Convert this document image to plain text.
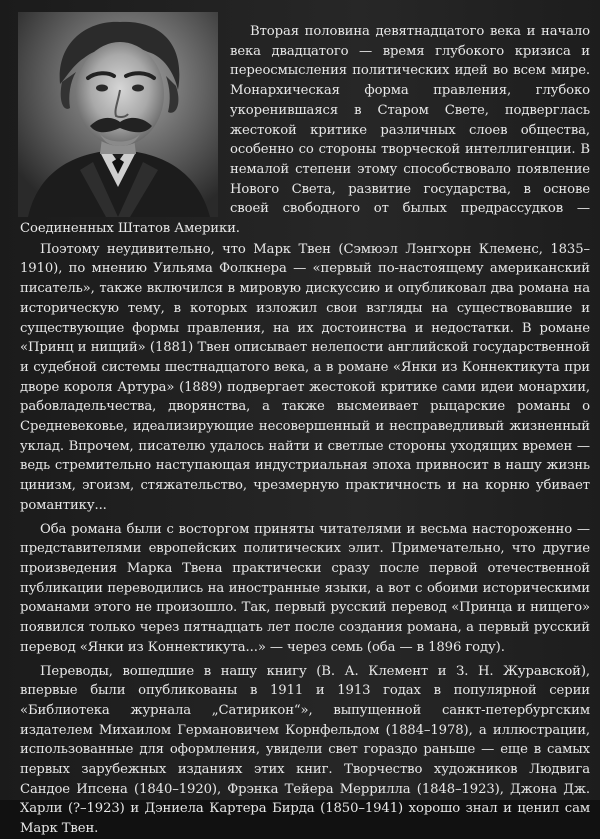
Вторая половина девятнадцатого века и начало века двадцатого — время глубокого кризиса и переосмысления политических идей во всем мире. Монархическая форма правления, глубоко укоренившаяся в Старом Свете, подверглась жестокой критике различных слоев общества, особенно со стороны творческой интеллигенции. В немалой степени этому способствовало появление Нового Света, развитие государства, в основе своей свободного от былых предрассудков — Соединенных Штатов Америки.

Поэтому неудивительно, что Марк Твен (Сэмюэл Лэнгхорн Клеменс, 1835–1910), по мнению Уильяма Фолкнера — «первый по-настоящему американский писатель», также включился в мировую дискуссию и опубликовал два романа на историческую тему, в которых изложил свои взгляды на существовавшие и существующие формы правления, на их достоинства и недостатки. В романе «Принц и нищий» (1881) Твен описывает нелепости английской государственной и судебной системы шестнадцатого века, а в романе «Янки из Коннектикута при дворе короля Артура» (1889) подвергает жестокой критике сами идеи монархии, рабовладельчества, дворянства, а также высмеивает рыцарские романы о Средневековье, идеализирующие несовершенный и несправедливый жизненный уклад. Впрочем, писателю удалось найти и светлые стороны уходящих времен — ведь стремительно наступающая индустриальная эпоха привносит в нашу жизнь цинизм, эгоизм, стяжательство, чрезмерную практичность и на корню убивает романтику...

Оба романа были с восторгом приняты читателями и весьма настороженно — представителями европейских политических элит. Примечательно, что другие произведения Марка Твена практически сразу после первой отечественной публикации переводились на иностранные языки, а вот с обоими историческими романами этого не произошло. Так, первый русский перевод «Принца и нищего» появился только через пятнадцать лет после создания романа, а первый русский перевод «Янки из Коннектикута...» — через семь (оба — в 1896 году).

Переводы, вошедшие в нашу книгу (В. А. Клемент и З. Н. Журавской), впервые были опубликованы в 1911 и 1913 годах в популярной серии «Библиотека журнала „Сатирикон“», выпущенной санкт-петербургским издателем Михаилом Германовичем Корнфельдом (1884–1978), а иллюстрации, использованные для оформления, увидели свет гораздо раньше — еще в самых первых зарубежных изданиях этих книг. Творчество художников Людвига Сандое Ипсена (1840–1920), Фрэнка Тейера Меррилла (1848–1923), Джона Дж. Харли (?–1923) и Дэниела Картера Бирда (1850–1941) хорошо знал и ценил сам Марк Твен.
